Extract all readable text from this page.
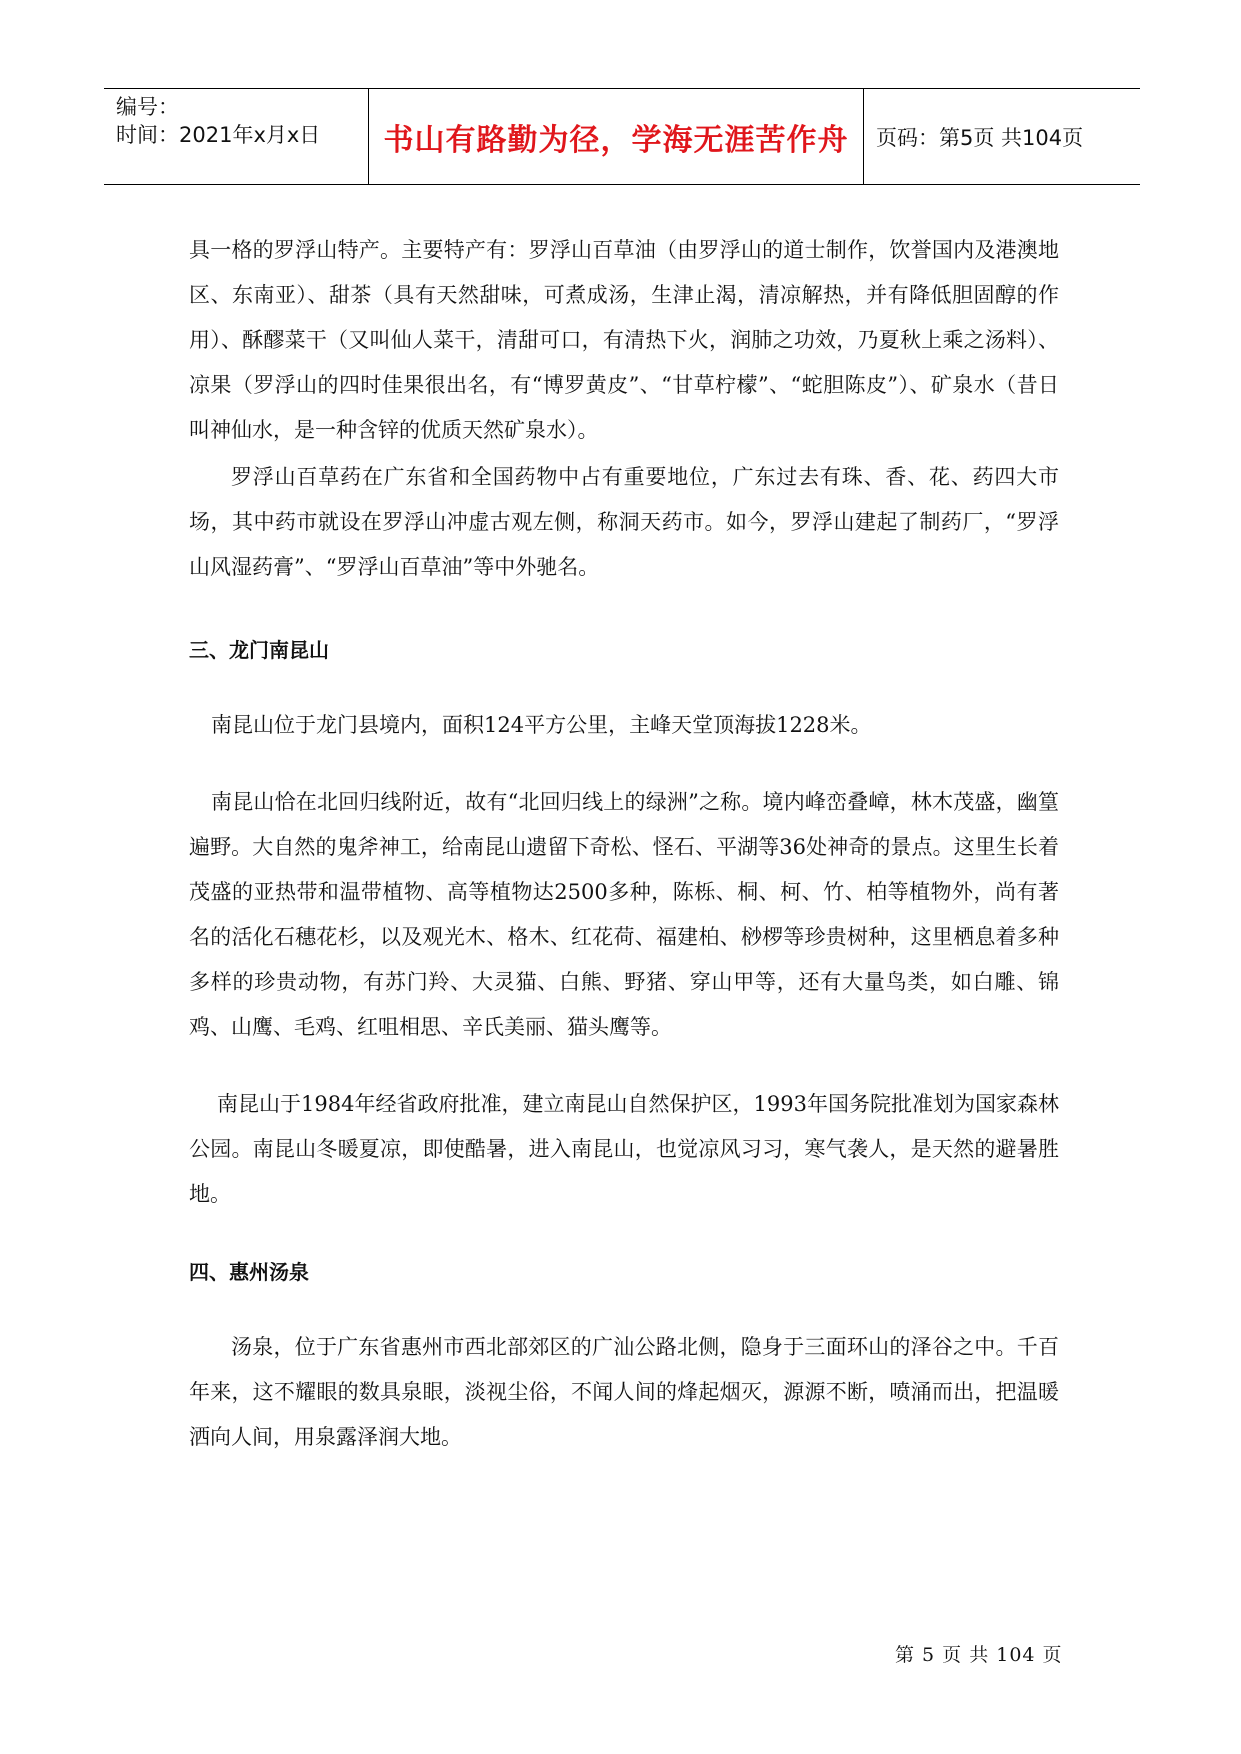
编号：
时间：2021年x月x日	书山有路勤为径，学海无涯苦作舟 页码：第5页 共104页

具一格的罗浮山特产。主要特产有：罗浮山百草油（由罗浮山的道士制作，饮誉国内及港澳地区、东南亚）、甜茶（具有天然甜味，可煮成汤，生津止渴，清凉解热，并有降低胆固醇的作用）、酥醪菜干（又叫仙人菜干，清甜可口，有清热下火，润肺之功效，乃夏秋上乘之汤料）、凉果（罗浮山的四时佳果很出名，有“博罗黄皮”、“甘草柠檬”、“蛇胆陈皮”）、矿泉水（昔日叫神仙水，是一种含锌的优质天然矿泉水）。

罗浮山百草药在广东省和全国药物中占有重要地位，广东过去有珠、香、花、药四大市场，其中药市就设在罗浮山冲虚古观左侧，称洞天药市。如今，罗浮山建起了制药厂，“罗浮山风湿药膏”、“罗浮山百草油”等中外驰名。

三、龙门南昆山

南昆山位于龙门县境内，面积124平方公里，主峰天堂顶海拔1228米。

南昆山恰在北回归线附近，故有“北回归线上的绿洲”之称。境内峰峦叠嶂，林木茂盛，幽篁遍野。大自然的鬼斧神工，给南昆山遗留下奇松、怪石、平湖等36处神奇的景点。这里生长着茂盛的亚热带和温带植物、高等植物达2500多种，陈栎、桐、柯、竹、柏等植物外，尚有著名的活化石穗花杉，以及观光木、格木、红花荷、福建柏、桫椤等珍贵树种，这里栖息着多种多样的珍贵动物，有苏门羚、大灵猫、白熊、野猪、穿山甲等，还有大量鸟类，如白雕、锦鸡、山鹰、毛鸡、红咀相思、辛氏美丽、猫头鹰等。

南昆山于1984年经省政府批准，建立南昆山自然保护区，1993年国务院批准划为国家森林公园。南昆山冬暖夏凉，即使酷暑，进入南昆山，也觉凉风习习，寒气袭人，是天然的避暑胜地。

四、惠州汤泉

汤泉，位于广东省惠州市西北部郊区的广汕公路北侧，隐身于三面环山的泽谷之中。千百年来，这不耀眼的数具泉眼，淡视尘俗，不闻人间的烽起烟灭，源源不断，喷涌而出，把温暖洒向人间，用泉露泽润大地。

第 5 页 共 104 页
